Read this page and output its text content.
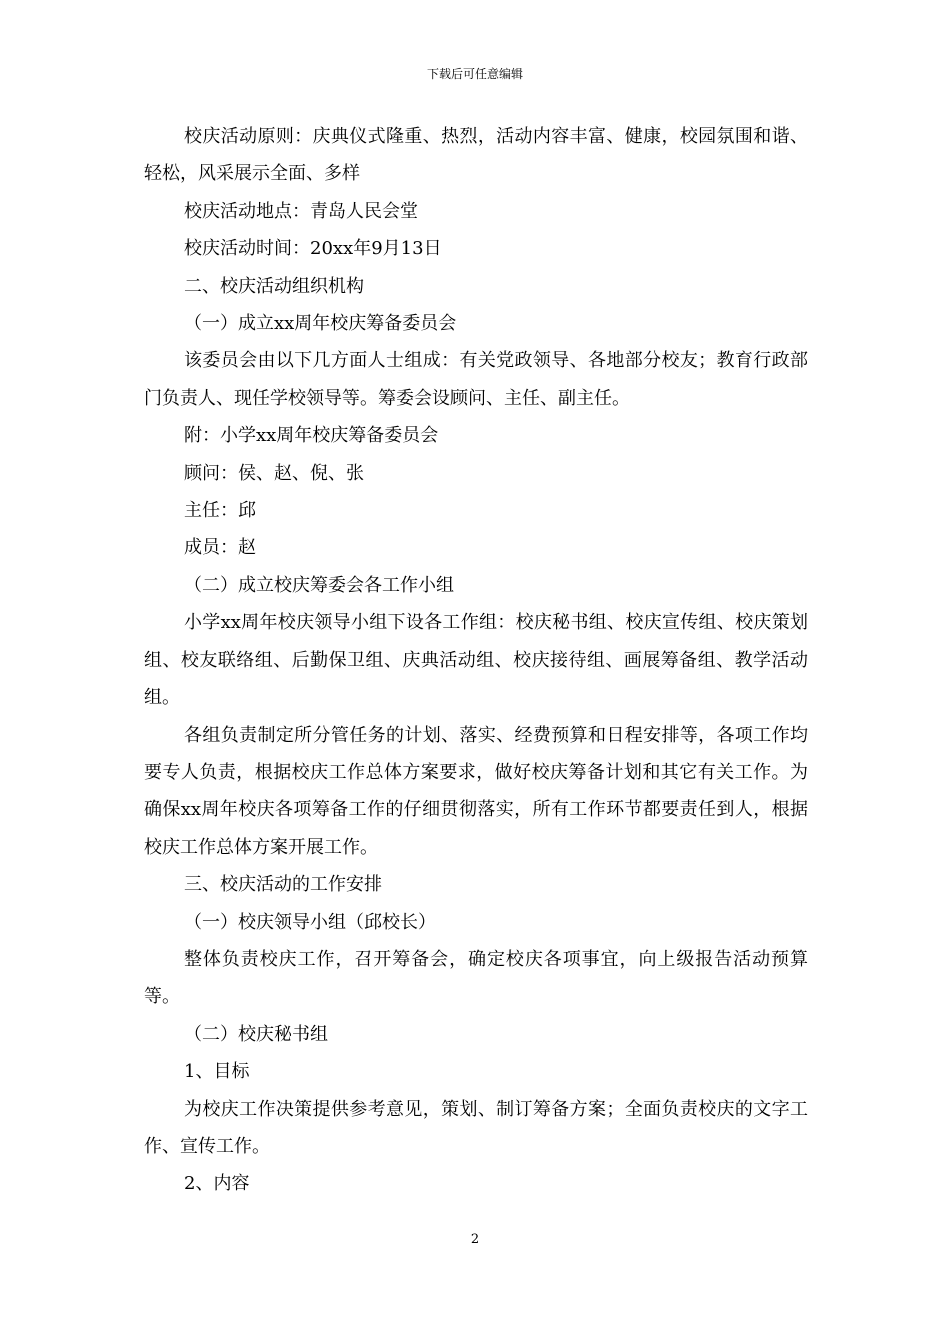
下载后可任意编辑

校庆活动原则：庆典仪式隆重、热烈，活动内容丰富、健康，校园氛围和谐、轻松，风采展示全面、多样

校庆活动地点：青岛人民会堂

校庆活动时间：20xx年9月13日

二、校庆活动组织机构

（一）成立xx周年校庆筹备委员会

该委员会由以下几方面人士组成：有关党政领导、各地部分校友；教育行政部门负责人、现任学校领导等。筹委会设顾问、主任、副主任。

附：小学xx周年校庆筹备委员会

顾问：侯、赵、倪、张

主任：邱

成员：赵

（二）成立校庆筹委会各工作小组

小学xx周年校庆领导小组下设各工作组：校庆秘书组、校庆宣传组、校庆策划组、校友联络组、后勤保卫组、庆典活动组、校庆接待组、画展筹备组、教学活动组。

各组负责制定所分管任务的计划、落实、经费预算和日程安排等，各项工作均要专人负责，根据校庆工作总体方案要求，做好校庆筹备计划和其它有关工作。为确保xx周年校庆各项筹备工作的仔细贯彻落实，所有工作环节都要责任到人，根据校庆工作总体方案开展工作。

三、校庆活动的工作安排

（一）校庆领导小组（邱校长）

整体负责校庆工作，召开筹备会，确定校庆各项事宜，向上级报告活动预算等。

（二）校庆秘书组

1、目标

为校庆工作决策提供参考意见，策划、制订筹备方案；全面负责校庆的文字工作、宣传工作。

2、内容

2
